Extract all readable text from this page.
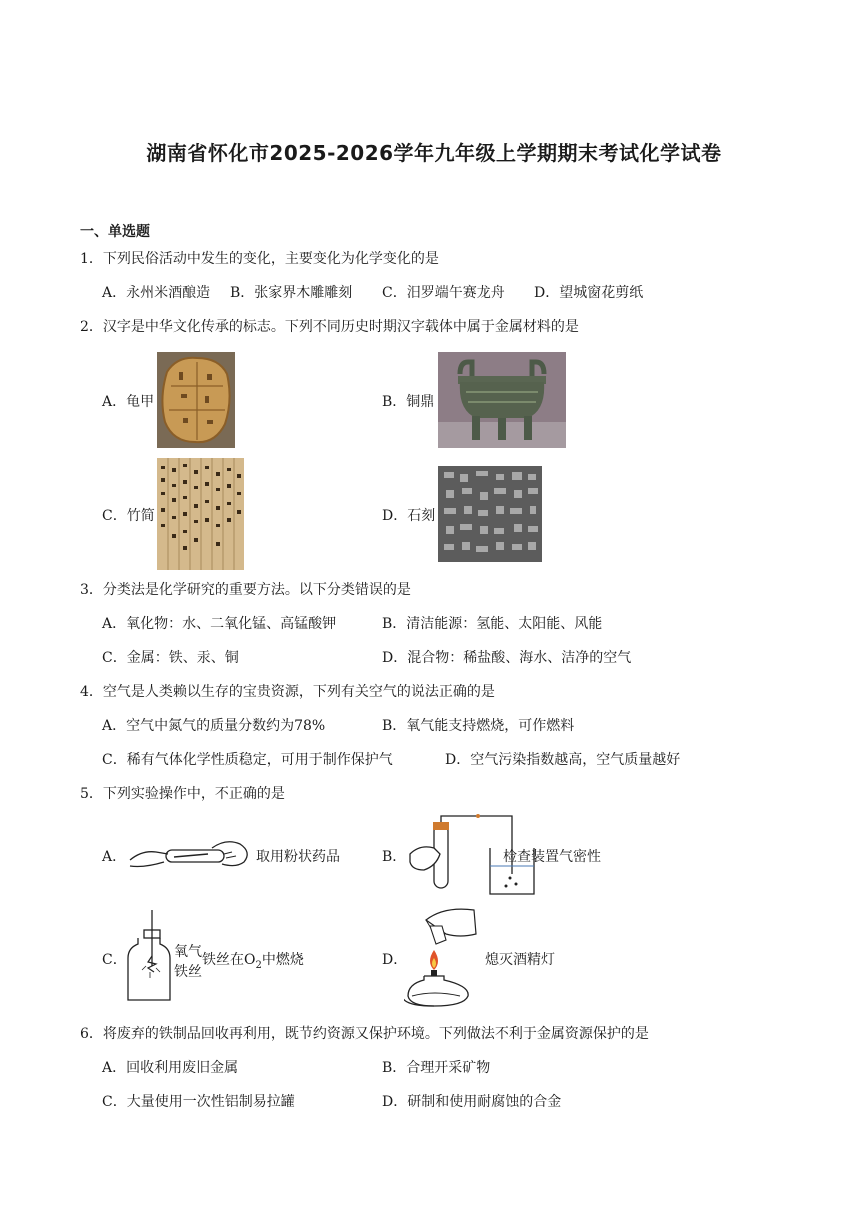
湖南省怀化市2025-2026学年九年级上学期期末考试化学试卷
一、单选题
1．下列民俗活动中发生的变化，主要变化为化学变化的是
A．永州米酒酿造 B．张家界木雕雕刻 C．汨罗端午赛龙舟 D．望城窗花剪纸
2．汉字是中华文化传承的标志。下列不同历史时期汉字载体中属于金属材料的是
A．龟甲	B．铜鼎
C．竹简	D．石刻
3．分类法是化学研究的重要方法。以下分类错误的是
A．氧化物：水、二氧化锰、高锰酸钾	B．清洁能源：氢能、太阳能、风能
C．金属：铁、汞、铜	D．混合物：稀盐酸、海水、洁净的空气
4．空气是人类赖以生存的宝贵资源，下列有关空气的说法正确的是
A．空气中氮气的质量分数约为78%	B．氧气能支持燃烧，可作燃料
C．稀有气体化学性质稳定，可用于制作保护气	D．空气污染指数越高，空气质量越好
5．下列实验操作中，不正确的是
A．	取用粉状药品	B．	检查装置气密性
C．	氧气 铁丝在$O_2$中燃烧
铁丝
D．	熄灭酒精灯
6．将废弃的铁制品回收再利用，既节约资源又保护环境。下列做法不利于金属资源保护的是
A．回收利用废旧金属	B．合理开采矿物
C．大量使用一次性铝制易拉罐	D．研制和使用耐腐蚀的合金
